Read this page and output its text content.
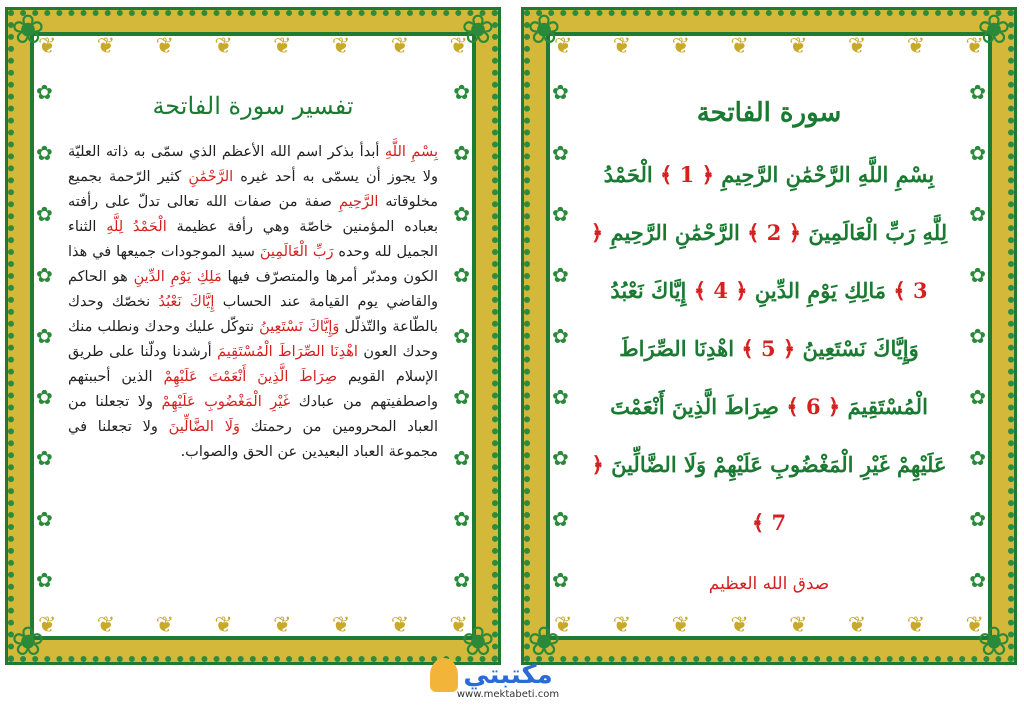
❦ ❦ ❦ ❦ ❦ ❦ ❦ ❦
❦ ❦ ❦ ❦ ❦ ❦ ❦ ❦
✿
✿
✿
✿
✿
✿
✿
✿
✿
✿
✿
✿
✿
✿
✿
✿
✿
✿
❀	❀
❀	❀
سورة الفاتحة
بِسْمِ اللَّهِ الرَّحْمَٰنِ الرَّحِيمِ ﴿ 1 ﴾ الْحَمْدُ لِلَّهِ رَبِّ الْعَالَمِينَ ﴿ 2 ﴾ الرَّحْمَٰنِ الرَّحِيمِ ﴿ 3 ﴾ مَالِكِ يَوْمِ الدِّينِ ﴿ 4 ﴾ إِيَّاكَ نَعْبُدُ وَإِيَّاكَ نَسْتَعِينُ ﴿ 5 ﴾ اهْدِنَا الصِّرَاطَ الْمُسْتَقِيمَ ﴿ 6 ﴾ صِرَاطَ الَّذِينَ أَنْعَمْتَ عَلَيْهِمْ غَيْرِ الْمَغْضُوبِ عَلَيْهِمْ وَلَا الضَّالِّينَ ﴿ 7 ﴾
صدق الله العظيم
❦ ❦ ❦ ❦ ❦ ❦ ❦ ❦
❦ ❦ ❦ ❦ ❦ ❦ ❦ ❦
✿
✿
✿
✿
✿
✿
✿
✿
✿
✿
✿
✿
✿
✿
✿
✿
✿
✿
❀	❀
❀	❀
تفسير سورة الفاتحة
بِسْمِ اللَّهِ أبدأ بذكر اسم الله الأعظم الذي سمّى به ذاته العليّة ولا يجوز أن يسمّى به أحد غيره الرَّحْمَٰنِ كثير الرّحمة بجميع مخلوقاته الرَّحِيمِ صفة من صفات الله تعالى تدلّ على رأفته بعباده المؤمنين خاصّة وهي رأفة عظيمة الْحَمْدُ لِلَّهِ الثناء الجميل لله وحده رَبِّ الْعَالَمِينَ سيد الموجودات جميعها في هذا الكون ومدبّر أمرها والمتصرّف فيها مَلِكِ يَوْمِ الدِّينِ هو الحاكم والقاضي يوم القيامة عند الحساب إِيَّاكَ نَعْبُدُ نخصّك وحدك بالطّاعة والتّذلّل وَإِيَّاكَ نَسْتَعِينُ نتوكّل عليك وحدك ونطلب منك وحدك العون اهْدِنَا الصِّرَاطَ الْمُسْتَقِيمَ أرشدنا ودلّنا على طريق الإسلام القويم صِرَاطَ الَّذِينَ أَنْعَمْتَ عَلَيْهِمْ الذين أحببتهم واصطفيتهم من عبادك غَيْرِ الْمَغْضُوبِ عَلَيْهِمْ ولا تجعلنا من العباد المحرومين من رحمتك وَلَا الضَّالِّينَ ولا تجعلنا في مجموعة العباد البعيدين عن الحق والصواب.
مكتبتي
www.mektabeti.com
